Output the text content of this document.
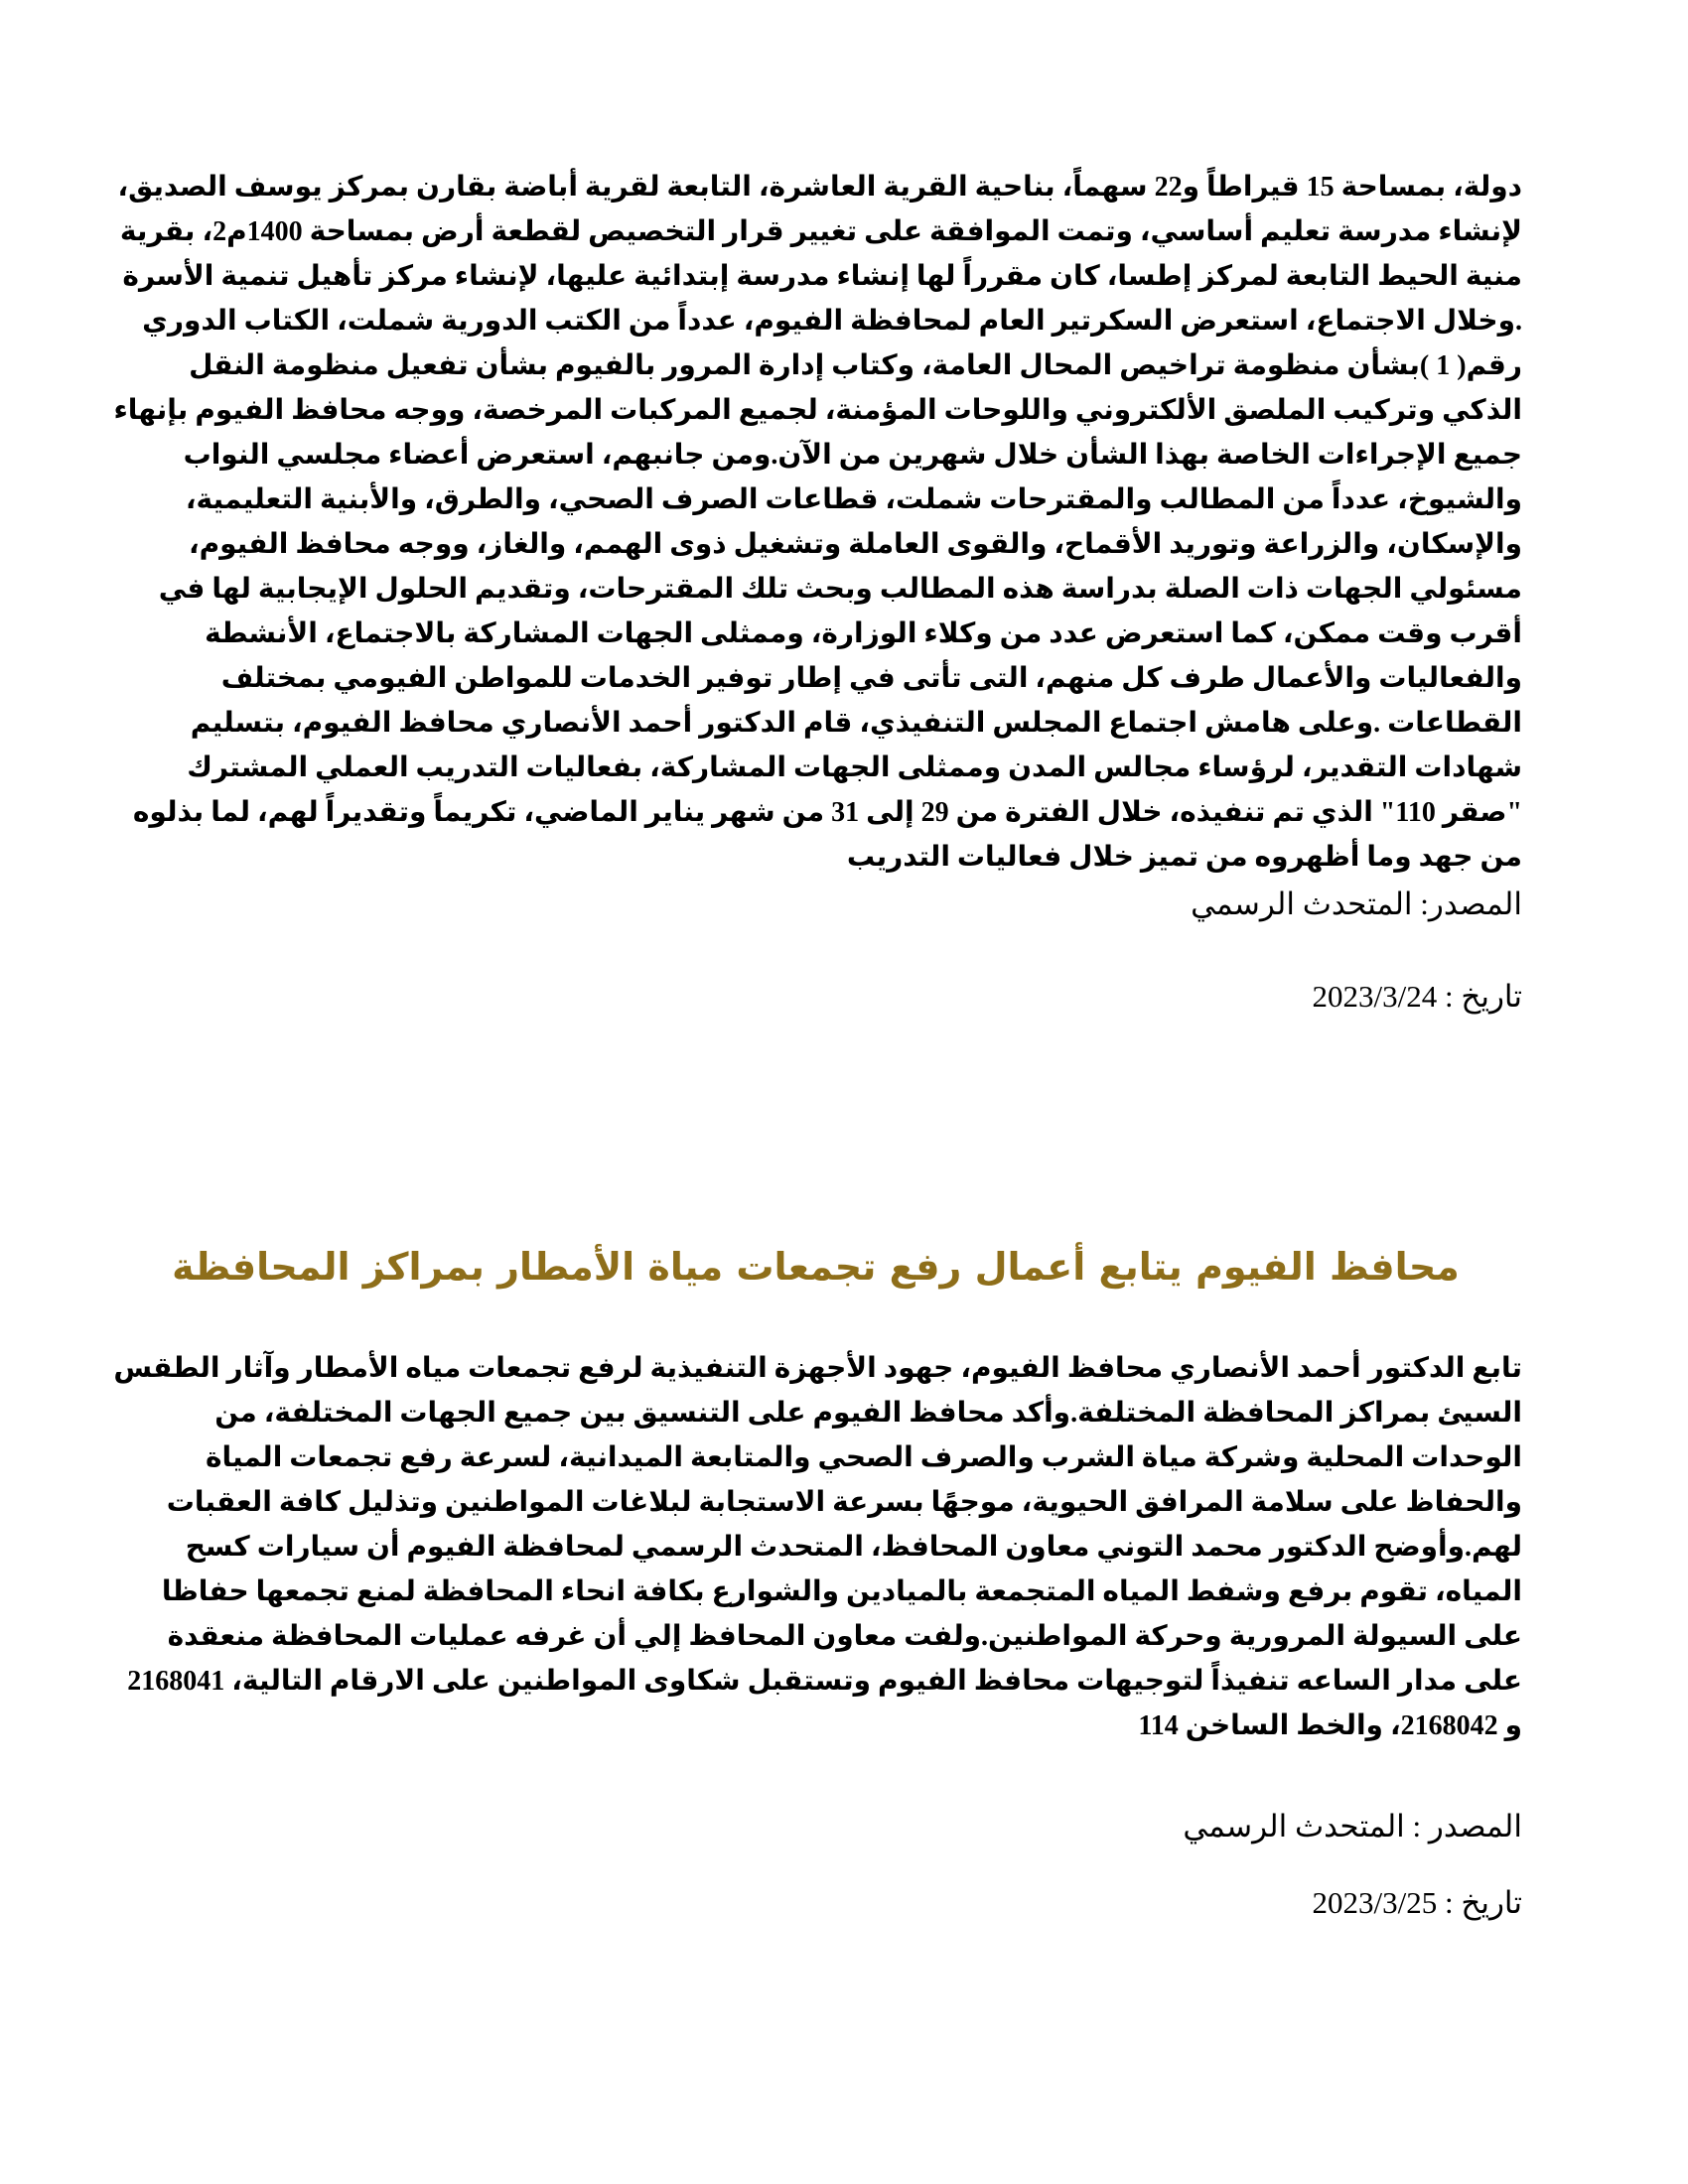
دولة، بمساحة 15 قيراطاً و22 سهماً، بناحية القرية العاشرة، التابعة لقرية أباضة بقارن بمركز يوسف الصديق، لإنشاء مدرسة تعليم أساسي، وتمت الموافقة على تغيير قرار التخصيص لقطعة أرض بمساحة 1400م2، بقرية منية الحيط التابعة لمركز إطسا، كان مقرراً لها إنشاء مدرسة إبتدائية عليها، لإنشاء مركز تأهيل تنمية الأسرة .وخلال الاجتماع، استعرض السكرتير العام لمحافظة الفيوم، عدداً من الكتب الدورية شملت، الكتاب الدوري رقم( 1 )بشأن منظومة تراخيص المحال العامة، وكتاب إدارة المرور بالفيوم بشأن تفعيل منظومة النقل الذكي وتركيب الملصق الألكتروني واللوحات المؤمنة، لجميع المركبات المرخصة، ووجه محافظ الفيوم بإنهاء جميع الإجراءات الخاصة بهذا الشأن خلال شهرين من الآن.ومن جانبهم، استعرض أعضاء مجلسي النواب والشيوخ، عدداً من المطالب والمقترحات شملت، قطاعات الصرف الصحي، والطرق، والأبنية التعليمية، والإسكان، والزراعة وتوريد الأقماح، والقوى العاملة وتشغيل ذوى الهمم، والغاز، ووجه محافظ الفيوم، مسئولي الجهات ذات الصلة بدراسة هذه المطالب وبحث تلك المقترحات، وتقديم الحلول الإيجابية لها في أقرب وقت ممكن، كما استعرض عدد من وكلاء الوزارة، وممثلى الجهات المشاركة بالاجتماع، الأنشطة والفعاليات والأعمال طرف كل منهم، التى تأتى في إطار توفير الخدمات للمواطن الفيومي بمختلف القطاعات .وعلى هامش اجتماع المجلس التنفيذي، قام الدكتور أحمد الأنصاري محافظ الفيوم، بتسليم شهادات التقدير، لرؤساء مجالس المدن وممثلى الجهات المشاركة، بفعاليات التدريب العملي المشترك "صقر 110" الذي تم تنفيذه، خلال الفترة من 29 إلى 31 من شهر يناير الماضي، تكريماً وتقديراً لهم، لما بذلوه من جهد وما أظهروه من تميز خلال فعاليات التدريب

المصدر: المتحدث الرسمي
تاريخ : 2023/3/24
محافظ الفيوم يتابع أعمال رفع تجمعات مياة الأمطار بمراكز المحافظة

تابع الدكتور أحمد الأنصاري محافظ الفيوم، جهود الأجهزة التنفيذية لرفع تجمعات مياه الأمطار وآثار الطقس السيئ بمراكز المحافظة المختلفة.وأكد محافظ الفيوم على التنسيق بين جميع الجهات المختلفة، من الوحدات المحلية وشركة مياة الشرب والصرف الصحي والمتابعة الميدانية، لسرعة رفع تجمعات المياة والحفاظ على سلامة المرافق الحيوية، موجهًا بسرعة الاستجابة لبلاغات المواطنين وتذليل كافة العقبات لهم.وأوضح الدكتور محمد التوني معاون المحافظ، المتحدث الرسمي لمحافظة الفيوم أن سيارات كسح المياه، تقوم برفع وشفط المياه المتجمعة بالميادين والشوارع بكافة انحاء المحافظة لمنع تجمعها حفاظا على السيولة المرورية وحركة المواطنين.ولفت معاون المحافظ إلي أن غرفه عمليات المحافظة منعقدة على مدار الساعه تنفيذاً لتوجيهات محافظ الفيوم وتستقبل شكاوى المواطنين على الارقام التالية، 2168041 و 2168042، والخط الساخن 114

المصدر : المتحدث الرسمي
تاريخ : 2023/3/25
